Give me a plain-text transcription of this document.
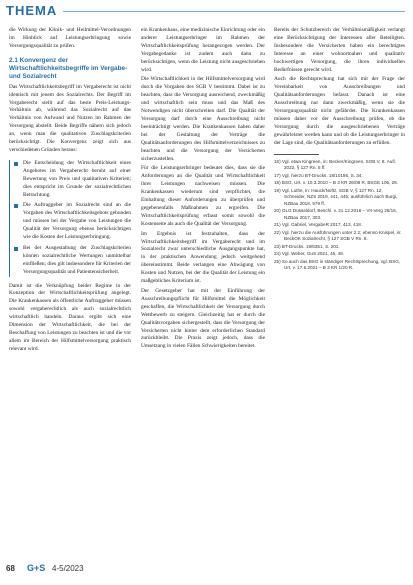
THEMA

die Wirkung der Klinik- und Heilmittel-Verordnungen im Hinblick auf Leistungserbringung sowie Versorgungsqualität zu prüfen.

2.1 Konvergenz der Wirtschaftlichkeitsbegriffe im Vergabe- und Sozialrecht

Das Wirtschaftlichkeitsbegriff im Vergaberecht ist nicht identisch mit jenem des Sozialrechts. Der Begriff im Vergaberecht stellt auf das beste Preis-Leistungs-Verhältnis ab, während das Sozialrecht auf das Verhältnis von Aufwand und Nutzen im Rahmen der Versorgung abstellt. Beide Begriffe nähern sich jedoch an, wenn man die qualitativen Zuschlagskriterien berücksichtigt. Die Konvergenz zeigt sich aus verschiedenen Gründen heraus:

Die Entscheidung der Wirtschaftlichkeit eines Angebotes im Vergaberecht beruht auf einer Bewertung von Preis und qualitativen Kriterien; dies entspricht im Grunde der sozialrechtlichen Betrachtung.
Die Auftraggeber im Sozialrecht sind an die Vorgaben des Wirtschaftlichkeitsgebots gebunden und müssen bei der Vergabe von Leistungen die Qualität der Versorgung ebenso berücksichtigen wie die Kosten der Leistungserbringung.
Bei der Ausgestaltung der Zuschlagskriterien können sozialrechtliche Wertungen unmittelbar einfließen; dies gilt insbesondere für Kriterien der Versorgungsqualität und Patientensicherheit.

Damit ist die Verknüpfung beider Regime in der Konzeption der Wirtschaftlichkeitsprüfung angelegt. Die Krankenkassen als öffentliche Auftraggeber müssen sowohl vergaberechtlich als auch sozialrechtlich wirtschaftlich handeln. Daraus ergibt sich eine Dimension der Wirtschaftlichkeit, die bei der Beschaffung von Leistungen zu beachten ist und die vor allem im Bereich der Hilfsmittelversorgung praktisch relevant wird.

ein Krankenhaus, eine medizinische Einrichtung oder ein anderer Leistungserbringer im Rahmen der Wirtschaftlichkeitsprüfung herangezogen werden. Der Vergabegedanke ist zudem auch dann zu berücksichtigen, wenn die Leistung nicht ausgeschrieben wird.

Die Wirtschaftlichkeit in der Hilfsmittelversorgung wird durch die Vorgaben des SGB V bestimmt. Dabei ist zu beachten, dass die Versorgung ausreichend, zweckmäßig und wirtschaftlich sein muss und das Maß des Notwendigen nicht überschreiten darf. Die Qualität der Versorgung darf durch eine Ausschreibung nicht beeinträchtigt werden. Die Krankenkassen haben daher bei der Gestaltung der Verträge die Qualitätsanforderungen des Hilfsmittelverzeichnisses zu beachten und die Versorgung der Versicherten sicherzustellen.

Für die Leistungserbringer bedeutet dies, dass sie die Anforderungen an die Qualität und Wirtschaftlichkeit ihrer Leistungen nachweisen müssen. Die Krankenkassen wiederum sind verpflichtet, die Einhaltung dieser Anforderungen zu überprüfen und gegebenenfalls Maßnahmen zu ergreifen. Die Wirtschaftlichkeitsprüfung erfasst somit sowohl die Kostenseite als auch die Qualität der Versorgung.

Im Ergebnis ist festzuhalten, dass der Wirtschaftlichkeitsbegriff im Vergaberecht und im Sozialrecht zwar unterschiedliche Ausgangspunkte hat, in der praktischen Anwendung jedoch weitgehend übereinstimmt. Beide verlangen eine Abwägung von Kosten und Nutzen, bei der die Qualität der Leistung ein maßgebliches Kriterium ist.

Der Gesetzgeber hat mit der Einführung der Ausschreibungspflicht für Hilfsmittel die Möglichkeit geschaffen, die Wirtschaftlichkeit der Versorgung durch Wettbewerb zu steigern. Gleichzeitig hat er durch die Qualitätsvorgaben sichergestellt, dass die Versorgung der Versicherten nicht hinter dem erforderlichen Standard zurückbleibt. Die Praxis zeigt jedoch, dass die Umsetzung in vielen Fällen Schwierigkeiten bereitet.

Bereits der Schutzbereich der Verhältnismäßigkeit verlangt eine Berücksichtigung der Interessen aller Beteiligten. Insbesondere die Versicherten haben ein berechtigtes Interesse an einer wohnortnahen und qualitativ hochwertigen Versorgung, die ihren individuellen Bedürfnissen gerecht wird.

Auch die Rechtsprechung hat sich mit der Frage der Vereinbarkeit von Ausschreibungen und Qualitätsanforderungen befasst. Danach ist eine Ausschreibung nur dann zweckmäßig, wenn sie die Versorgungsqualität nicht gefährdet. Die Krankenkassen müssen daher vor der Ausschreibung prüfen, ob die Versorgung durch die ausgeschriebenen Verträge gewährleistet werden kann und ob die Leistungserbringer in der Lage sind, die Qualitätsanforderungen zu erfüllen.

16) Vgl. etwa Kingreen, in: Becker/Kingreen, SGB V, 8. Aufl. 2022, § 127 Rn. 5 ff.

17) Vgl. hierzu BT-Drucks. 18/10186, S. 34.

18) BSG, Urt. v. 10.3.2010 – B 3 KR 26/08 R, BSGE 106, 29.

19) Vgl. Luthe, in: Hauck/Noftz, SGB V, § 127 Rn. 12; Schneider, NZS 2019, 441, 445; ausführlich auch Burgi, NZBau 2018, 579 ff.

20) OLG Düsseldorf, Beschl. v. 21.12.2016 – VII-Verg 26/16, NZBau 2017, 303.

21) Vgl. Gabriel, VergabeR 2017, 413, 418.

22) Vgl. hierzu die Ausführungen unter 2.2; ebenso Knispel, in: BeckOK Sozialrecht, § 127 SGB V Rn. 8.

23) BT-Drucks. 19/8351, S. 201.

24) Vgl. Weber, GuS 2021, 45, 48.

25) So auch das BSG in ständiger Rechtsprechung, vgl. BSG, Urt. v. 17.6.2021 – B 3 KR 1/20 R.

68 G+S 4-5/2023
